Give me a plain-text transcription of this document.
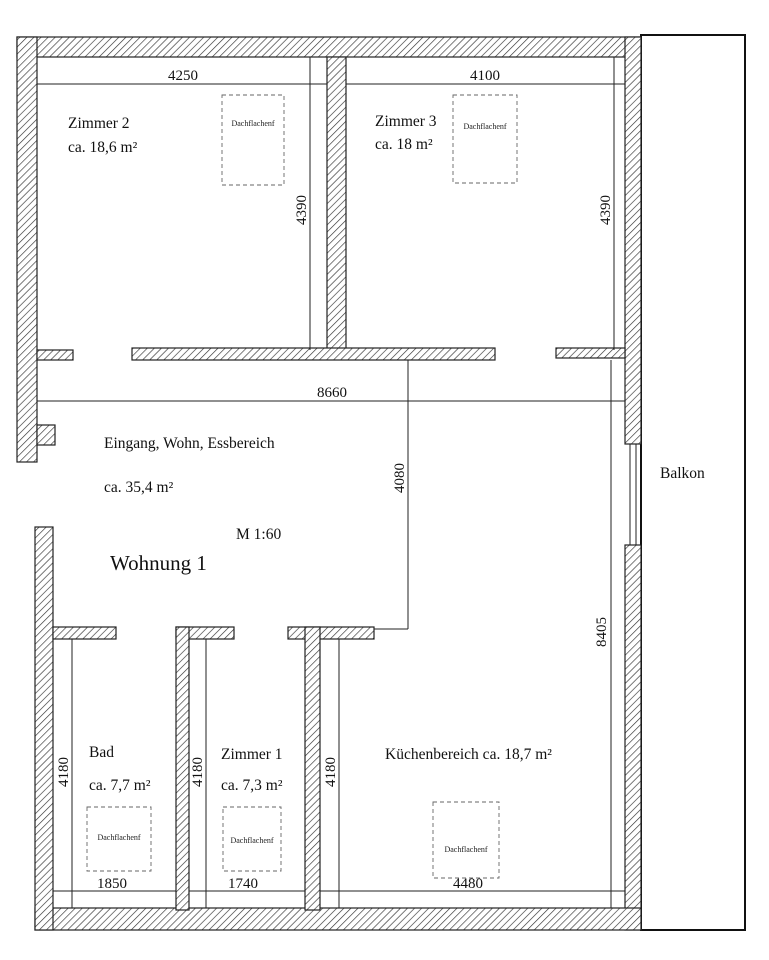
Dachflachenf	Dachflachenf
Dachflachenf	Dachflachenf
Dachflachenf
4250	4100
4390	4390
8660
4080
8405
4180	4180	4180
1850	1740	4480
Zimmer 2
ca. 18,6 m²
Zimmer 3
ca. 18 m²
Eingang, Wohn, Essbereich
ca. 35,4 m²
M 1:60
Wohnung 1
Bad
ca. 7,7 m²
Zimmer 1
ca. 7,3 m²
Küchenbereich ca. 18,7 m²
Balkon
